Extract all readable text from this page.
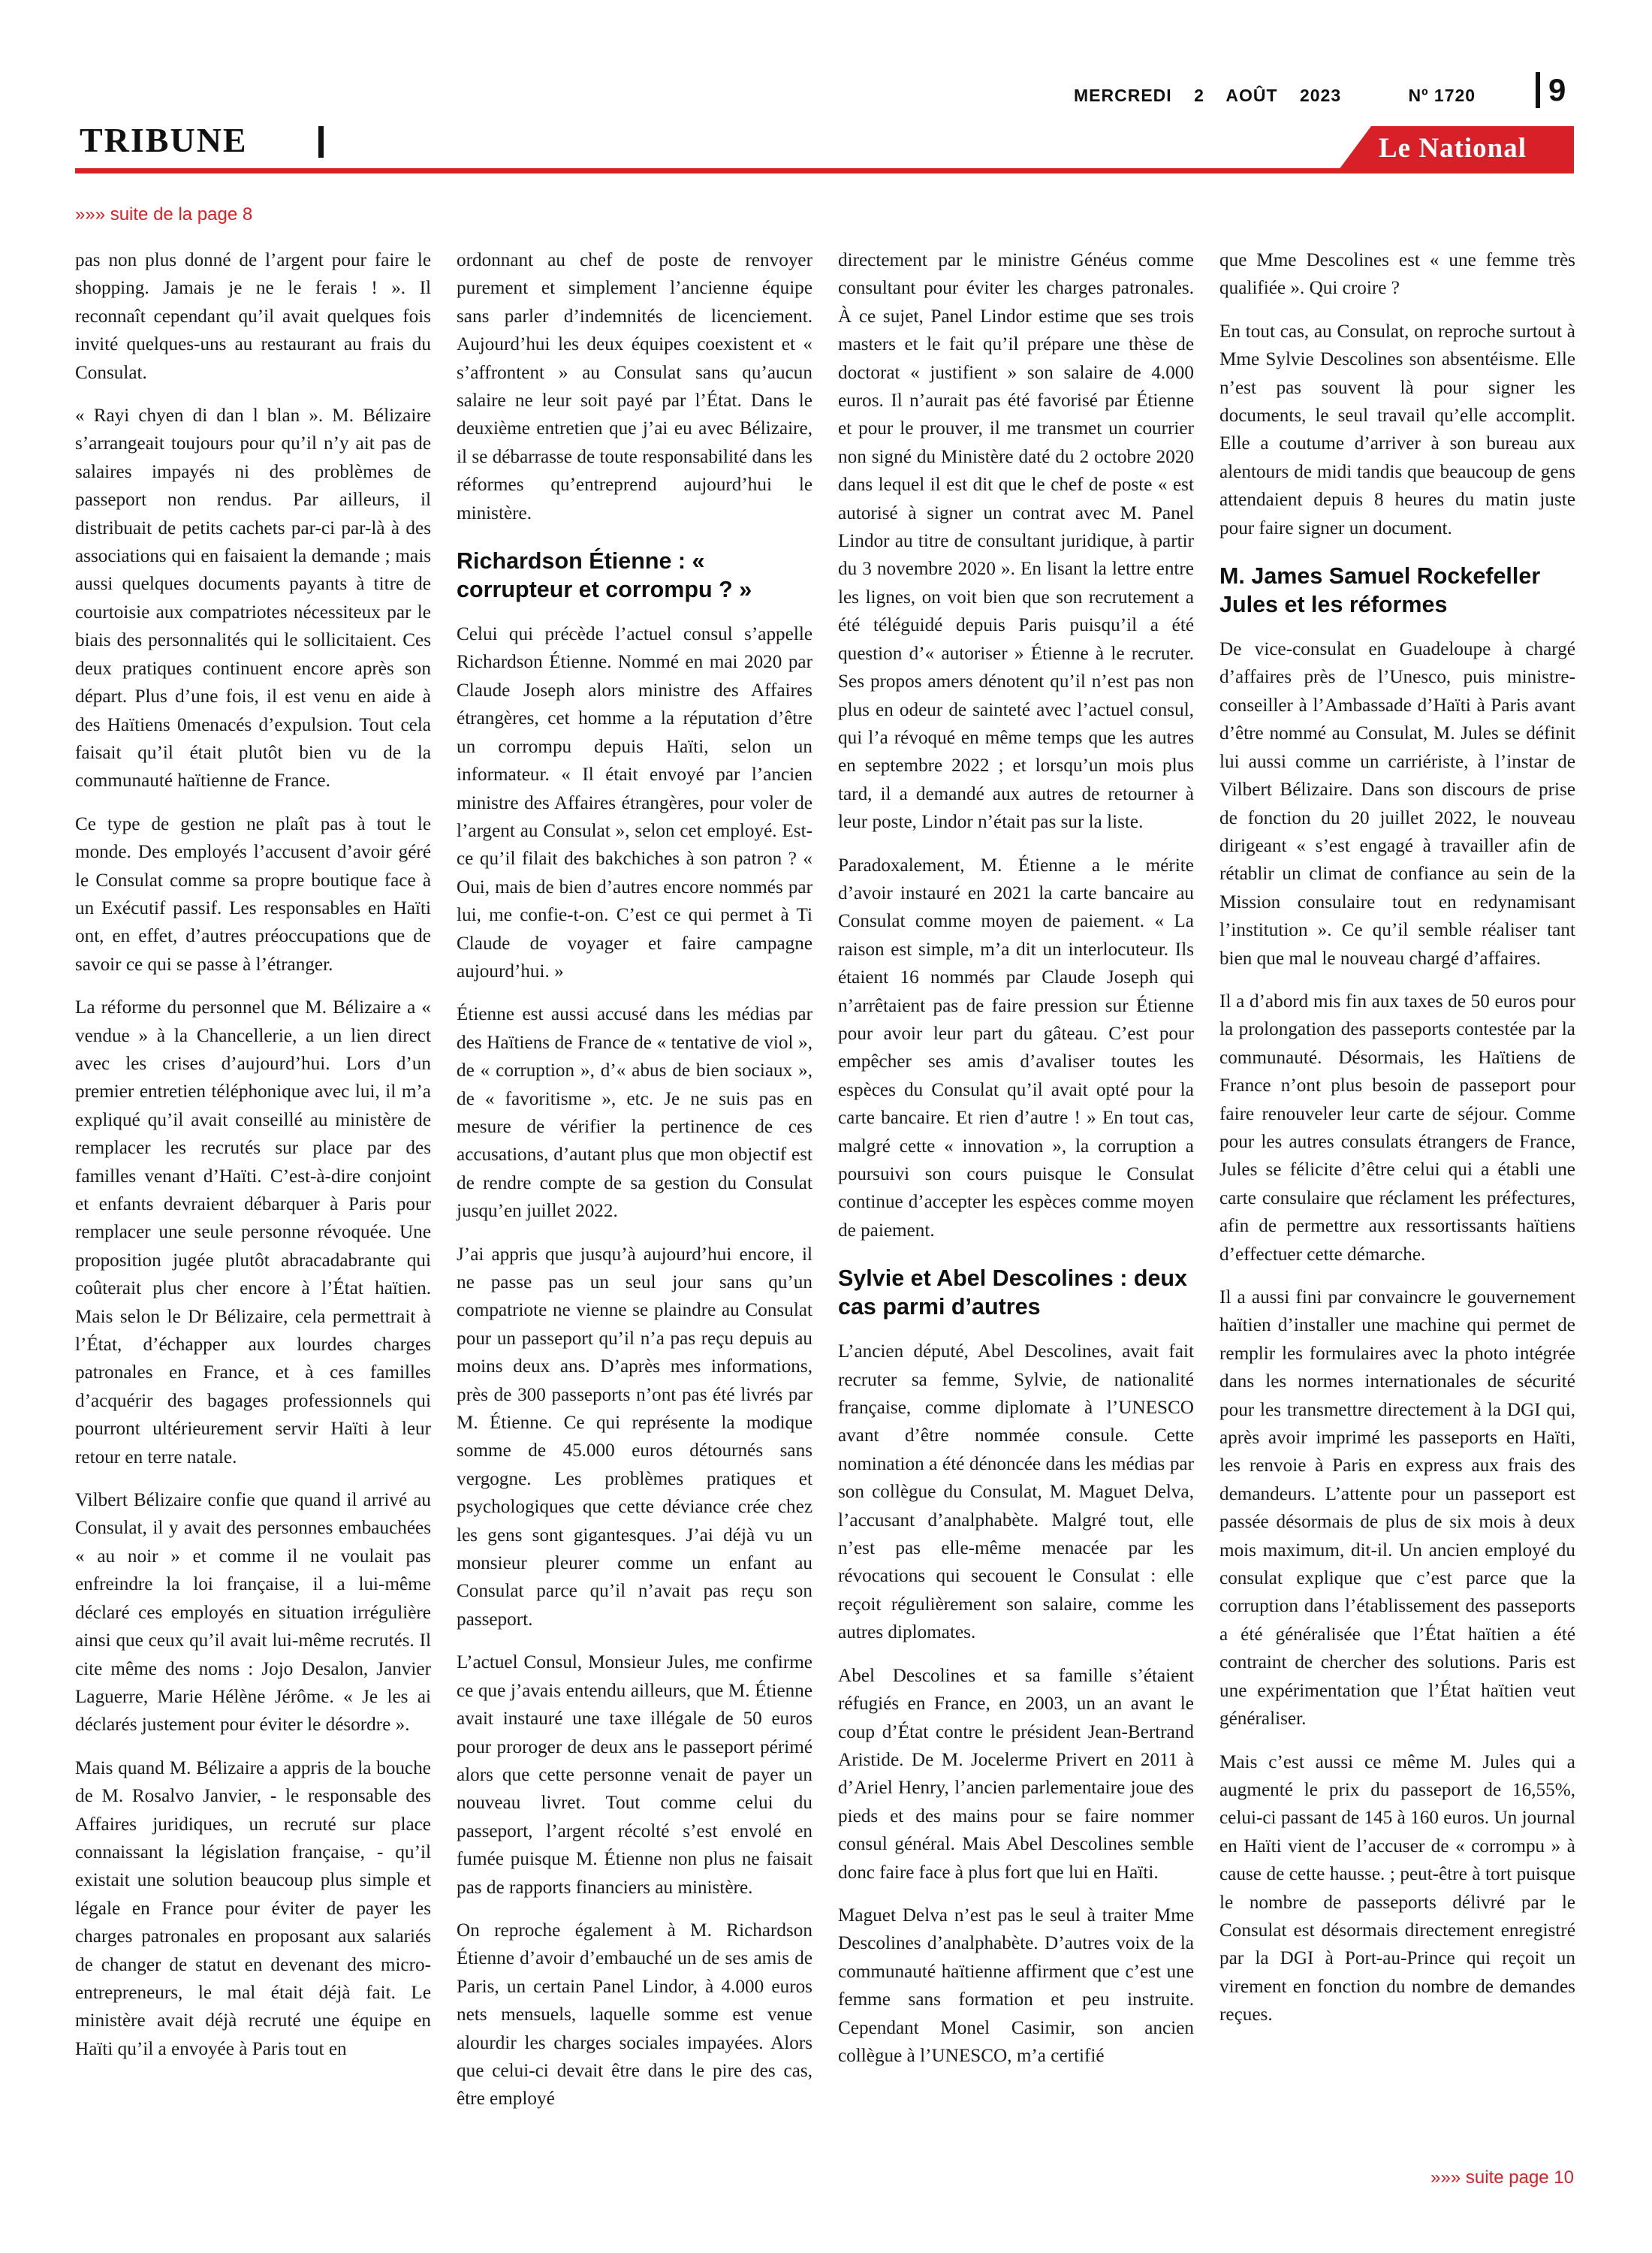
MERCREDI 2 AOÛT 2023	Nº 1720	9
TRIBUNE	Le National
»»» suite de la page 8

pas non plus donné de l’argent pour faire le shopping. Jamais je ne le ferais ! ». Il reconnaît cependant qu’il avait quelques fois invité quelques-uns au restaurant au frais du Consulat.

« Rayi chyen di dan l blan ». M. Bélizaire s’arrangeait toujours pour qu’il n’y ait pas de salaires impayés ni des problèmes de passeport non rendus. Par ailleurs, il distribuait de petits cachets par-ci par-là à des associations qui en faisaient la demande ; mais aussi quelques documents payants à titre de courtoisie aux compatriotes nécessiteux par le biais des personnalités qui le sollicitaient. Ces deux pratiques continuent encore après son départ. Plus d’une fois, il est venu en aide à des Haïtiens 0menacés d’expulsion. Tout cela faisait qu’il était plutôt bien vu de la communauté haïtienne de France.

Ce type de gestion ne plaît pas à tout le monde. Des employés l’accusent d’avoir géré le Consulat comme sa propre boutique face à un Exécutif passif. Les responsables en Haïti ont, en effet, d’autres préoccupations que de savoir ce qui se passe à l’étranger.

La réforme du personnel que M. Bélizaire a « vendue » à la Chancellerie, a un lien direct avec les crises d’aujourd’hui. Lors d’un premier entretien téléphonique avec lui, il m’a expliqué qu’il avait conseillé au ministère de remplacer les recrutés sur place par des familles venant d’Haïti. C’est-à-dire conjoint et enfants devraient débarquer à Paris pour remplacer une seule personne révoquée. Une proposition jugée plutôt abracadabrante qui coûterait plus cher encore à l’État haïtien. Mais selon le Dr Bélizaire, cela permettrait à l’État, d’échapper aux lourdes charges patronales en France, et à ces familles d’acquérir des bagages professionnels qui pourront ultérieurement servir Haïti à leur retour en terre natale.

Vilbert Bélizaire confie que quand il arrivé au Consulat, il y avait des personnes embauchées « au noir » et comme il ne voulait pas enfreindre la loi française, il a lui-même déclaré ces employés en situation irrégulière ainsi que ceux qu’il avait lui-même recrutés. Il cite même des noms : Jojo Desalon, Janvier Laguerre, Marie Hélène Jérôme. « Je les ai déclarés justement pour éviter le désordre ».

Mais quand M. Bélizaire a appris de la bouche de M. Rosalvo Janvier, - le responsable des Affaires juridiques, un recruté sur place connaissant la législation française, - qu’il existait une solution beaucoup plus simple et légale en France pour éviter de payer les charges patronales en proposant aux salariés de changer de statut en devenant des micro-entrepreneurs, le mal était déjà fait. Le ministère avait déjà recruté une équipe en Haïti qu’il a envoyée à Paris tout en

ordonnant au chef de poste de renvoyer purement et simplement l’ancienne équipe sans parler d’indemnités de licenciement. Aujourd’hui les deux équipes coexistent et « s’affrontent » au Consulat sans qu’aucun salaire ne leur soit payé par l’État. Dans le deuxième entretien que j’ai eu avec Bélizaire, il se débarrasse de toute responsabilité dans les réformes qu’entreprend aujourd’hui le ministère.

Richardson Étienne : « corrupteur et corrompu ? »

Celui qui précède l’actuel consul s’appelle Richardson Étienne. Nommé en mai 2020 par Claude Joseph alors ministre des Affaires étrangères, cet homme a la réputation d’être un corrompu depuis Haïti, selon un informateur. « Il était envoyé par l’ancien ministre des Affaires étrangères, pour voler de l’argent au Consulat », selon cet employé. Est-ce qu’il filait des bakchiches à son patron ? « Oui, mais de bien d’autres encore nommés par lui, me confie-t-on. C’est ce qui permet à Ti Claude de voyager et faire campagne aujourd’hui. »

Étienne est aussi accusé dans les médias par des Haïtiens de France de « tentative de viol », de « corruption », d’« abus de bien sociaux », de « favoritisme », etc. Je ne suis pas en mesure de vérifier la pertinence de ces accusations, d’autant plus que mon objectif est de rendre compte de sa gestion du Consulat jusqu’en juillet 2022.

J’ai appris que jusqu’à aujourd’hui encore, il ne passe pas un seul jour sans qu’un compatriote ne vienne se plaindre au Consulat pour un passeport qu’il n’a pas reçu depuis au moins deux ans. D’après mes informations, près de 300 passeports n’ont pas été livrés par M. Étienne. Ce qui représente la modique somme de 45.000 euros détournés sans vergogne. Les problèmes pratiques et psychologiques que cette déviance crée chez les gens sont gigantesques. J’ai déjà vu un monsieur pleurer comme un enfant au Consulat parce qu’il n’avait pas reçu son passeport.

L’actuel Consul, Monsieur Jules, me confirme ce que j’avais entendu ailleurs, que M. Étienne avait instauré une taxe illégale de 50 euros pour proroger de deux ans le passeport périmé alors que cette personne venait de payer un nouveau livret. Tout comme celui du passeport, l’argent récolté s’est envolé en fumée puisque M. Étienne non plus ne faisait pas de rapports financiers au ministère.

On reproche également à M. Richardson Étienne d’avoir d’embauché un de ses amis de Paris, un certain Panel Lindor, à 4.000 euros nets mensuels, laquelle somme est venue alourdir les charges sociales impayées. Alors que celui-ci devait être dans le pire des cas, être employé

directement par le ministre Généus comme consultant pour éviter les charges patronales. À ce sujet, Panel Lindor estime que ses trois masters et le fait qu’il prépare une thèse de doctorat « justifient » son salaire de 4.000 euros. Il n’aurait pas été favorisé par Étienne et pour le prouver, il me transmet un courrier non signé du Ministère daté du 2 octobre 2020 dans lequel il est dit que le chef de poste « est autorisé à signer un contrat avec M. Panel Lindor au titre de consultant juridique, à partir du 3 novembre 2020 ». En lisant la lettre entre les lignes, on voit bien que son recrutement a été téléguidé depuis Paris puisqu’il a été question d’« autoriser » Étienne à le recruter. Ses propos amers dénotent qu’il n’est pas non plus en odeur de sainteté avec l’actuel consul, qui l’a révoqué en même temps que les autres en septembre 2022 ; et lorsqu’un mois plus tard, il a demandé aux autres de retourner à leur poste, Lindor n’était pas sur la liste.

Paradoxalement, M. Étienne a le mérite d’avoir instauré en 2021 la carte bancaire au Consulat comme moyen de paiement. « La raison est simple, m’a dit un interlocuteur. Ils étaient 16 nommés par Claude Joseph qui n’arrêtaient pas de faire pression sur Étienne pour avoir leur part du gâteau. C’est pour empêcher ses amis d’avaliser toutes les espèces du Consulat qu’il avait opté pour la carte bancaire. Et rien d’autre ! » En tout cas, malgré cette « innovation », la corruption a poursuivi son cours puisque le Consulat continue d’accepter les espèces comme moyen de paiement.

Sylvie et Abel Descolines : deux cas parmi d’autres

L’ancien député, Abel Descolines, avait fait recruter sa femme, Sylvie, de nationalité française, comme diplomate à l’UNESCO avant d’être nommée consule. Cette nomination a été dénoncée dans les médias par son collègue du Consulat, M. Maguet Delva, l’accusant d’analphabète. Malgré tout, elle n’est pas elle-même menacée par les révocations qui secouent le Consulat : elle reçoit régulièrement son salaire, comme les autres diplomates.

Abel Descolines et sa famille s’étaient réfugiés en France, en 2003, un an avant le coup d’État contre le président Jean-Bertrand Aristide. De M. Jocelerme Privert en 2011 à d’Ariel Henry, l’ancien parlementaire joue des pieds et des mains pour se faire nommer consul général. Mais Abel Descolines semble donc faire face à plus fort que lui en Haïti.

Maguet Delva n’est pas le seul à traiter Mme Descolines d’analphabète. D’autres voix de la communauté haïtienne affirment que c’est une femme sans formation et peu instruite. Cependant Monel Casimir, son ancien collègue à l’UNESCO, m’a certifié

que Mme Descolines est « une femme très qualifiée ». Qui croire ?

En tout cas, au Consulat, on reproche surtout à Mme Sylvie Descolines son absentéisme. Elle n’est pas souvent là pour signer les documents, le seul travail qu’elle accomplit. Elle a coutume d’arriver à son bureau aux alentours de midi tandis que beaucoup de gens attendaient depuis 8 heures du matin juste pour faire signer un document.

M. James Samuel Rockefeller Jules et les réformes

De vice-consulat en Guadeloupe à chargé d’affaires près de l’Unesco, puis ministre-conseiller à l’Ambassade d’Haïti à Paris avant d’être nommé au Consulat, M. Jules se définit lui aussi comme un carriériste, à l’instar de Vilbert Bélizaire. Dans son discours de prise de fonction du 20 juillet 2022, le nouveau dirigeant « s’est engagé à travailler afin de rétablir un climat de confiance au sein de la Mission consulaire tout en redynamisant l’institution ». Ce qu’il semble réaliser tant bien que mal le nouveau chargé d’affaires.

Il a d’abord mis fin aux taxes de 50 euros pour la prolongation des passeports contestée par la communauté. Désormais, les Haïtiens de France n’ont plus besoin de passeport pour faire renouveler leur carte de séjour. Comme pour les autres consulats étrangers de France, Jules se félicite d’être celui qui a établi une carte consulaire que réclament les préfectures, afin de permettre aux ressortissants haïtiens d’effectuer cette démarche.

Il a aussi fini par convaincre le gouvernement haïtien d’installer une machine qui permet de remplir les formulaires avec la photo intégrée dans les normes internationales de sécurité pour les transmettre directement à la DGI qui, après avoir imprimé les passeports en Haïti, les renvoie à Paris en express aux frais des demandeurs. L’attente pour un passeport est passée désormais de plus de six mois à deux mois maximum, dit-il. Un ancien employé du consulat explique que c’est parce que la corruption dans l’établissement des passeports a été généralisée que l’État haïtien a été contraint de chercher des solutions. Paris est une expérimentation que l’État haïtien veut généraliser.

Mais c’est aussi ce même M. Jules qui a augmenté le prix du passeport de 16,55%, celui-ci passant de 145 à 160 euros. Un journal en Haïti vient de l’accuser de « corrompu » à cause de cette hausse. ; peut-être à tort puisque le nombre de passeports délivré par le Consulat est désormais directement enregistré par la DGI à Port-au-Prince qui reçoit un virement en fonction du nombre de demandes reçues.

»»» suite page 10
